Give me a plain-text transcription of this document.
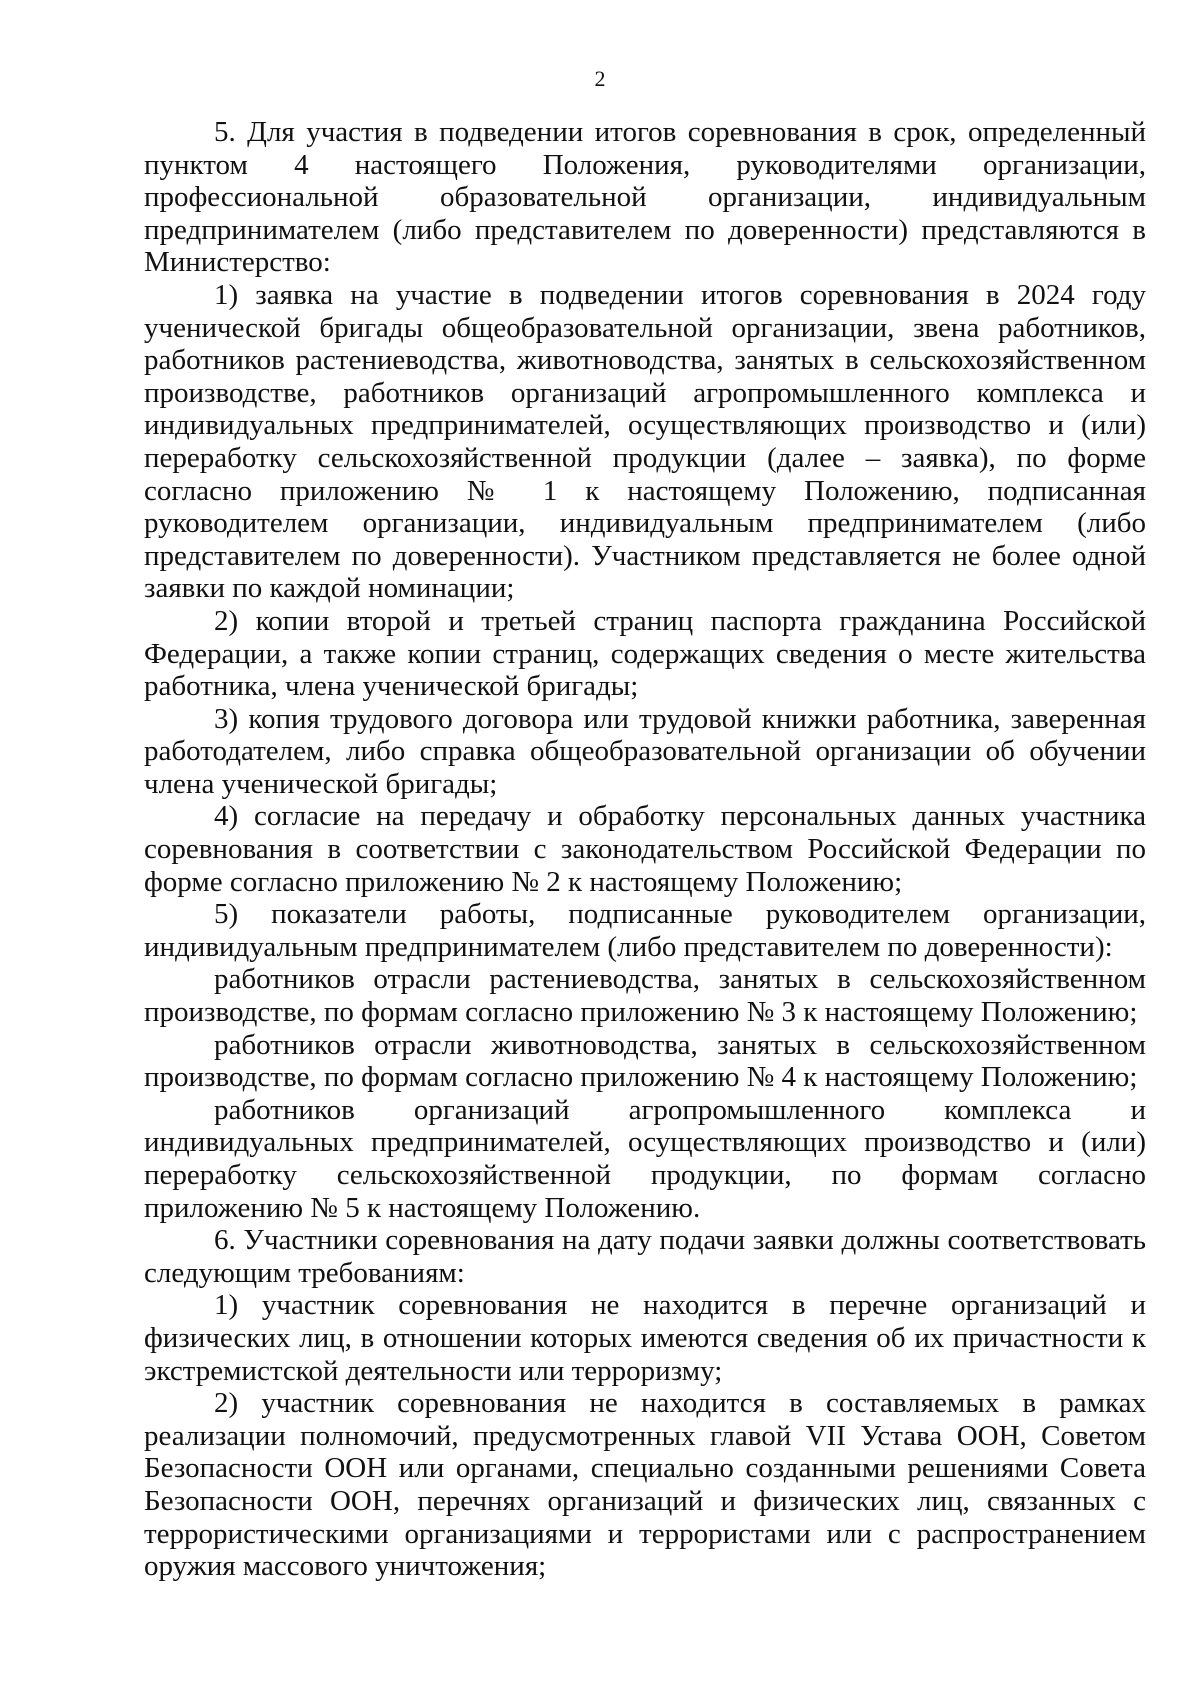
2

5. Для участия в подведении итогов соревнования в срок, определенный пунктом 4 настоящего Положения, руководителями организации, профессиональной образовательной организации, индивидуальным предпринимателем (либо представителем по доверенности) представляются в Министерство:

1) заявка на участие в подведении итогов соревнования в 2024 году ученической бригады общеобразовательной организации, звена работников, работников растениеводства, животноводства, занятых в сельскохозяйственном производстве, работников организаций агропромышленного комплекса и индивидуальных предпринимателей, осуществляющих производство и (или) переработку сельскохозяйственной продукции (далее – заявка), по форме согласно приложению № 1 к настоящему Положению, подписанная руководителем организации, индивидуальным предпринимателем (либо представителем по доверенности). Участником представляется не более одной заявки по каждой номинации;

2) копии второй и третьей страниц паспорта гражданина Российской Федерации, а также копии страниц, содержащих сведения о месте жительства работника, члена ученической бригады;

3) копия трудового договора или трудовой книжки работника, заверенная работодателем, либо справка общеобразовательной организации об обучении члена ученической бригады;

4) согласие на передачу и обработку персональных данных участника соревнования в соответствии с законодательством Российской Федерации по форме согласно приложению № 2 к настоящему Положению;

5) показатели работы, подписанные руководителем организации, индивидуальным предпринимателем (либо представителем по доверенности):

работников отрасли растениеводства, занятых в сельскохозяйственном производстве, по формам согласно приложению № 3 к настоящему Положению;

работников отрасли животноводства, занятых в сельскохозяйственном производстве, по формам согласно приложению № 4 к настоящему Положению;

работников организаций агропромышленного комплекса и индивидуальных предпринимателей, осуществляющих производство и (или) переработку сельскохозяйственной продукции, по формам согласно приложению № 5 к настоящему Положению.

6. Участники соревнования на дату подачи заявки должны соответствовать следующим требованиям:

1) участник соревнования не находится в перечне организаций и физических лиц, в отношении которых имеются сведения об их причастности к экстремистской деятельности или терроризму;

2) участник соревнования не находится в составляемых в рамках реализации полномочий, предусмотренных главой VII Устава ООН, Советом Безопасности ООН или органами, специально созданными решениями Совета Безопасности ООН, перечнях организаций и физических лиц, связанных с террористическими организациями и террористами или с распространением оружия массового уничтожения;
